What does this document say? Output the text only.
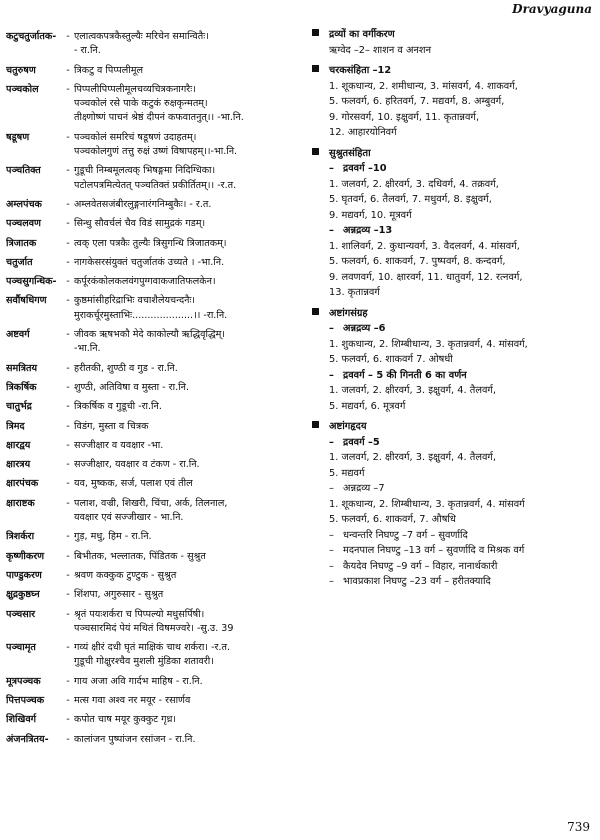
Dravyaguna
कटुचतुर्जातक-	- एलात्वकपत्रकैस्तुल्यैः मरिचेन समान्वितैः।
- रा.नि.
चतुरुषण	- त्रिकटु व पिप्पलीमूल
पञ्चकोल	- पिप्पलीपिप्पलीमूलचव्यचित्रकनागरैः।
पञ्चकोलं रसे पाके कटुकं रुक्षकृन्मतम्।
तीक्ष्णोष्णं पाचनं श्रेष्ठं दीपनं कफवातनुत्।। -भा.नि.
षडूषण	- पञ्चकोलं समरिचं षडूषणं उदाहतम्।
पञ्चकोलगुणं तत्तु रुक्षं उष्णं विषापहम्।।-भा.नि.
पञ्चतिक्त	- गुडूची निम्बमूलत्वक् भिषङ्गमा निदिग्धिका।
पटोलपत्रमित्येतत् पञ्चतिक्तं प्रकीर्तितम्।। -र.त.
अम्लपंचक	- अम्लवेतसजंबीरलुङ्गनारंगनिम्बुकैः। - र.त.
पञ्चलवण	- सिन्धु सौवर्चलं चैव विडं सामुद्रकं गडम्।
त्रिजातक	- त्वक् एला पत्रकैः तुल्यैः त्रिसुगन्धि त्रिजातकम्।
चतुर्जात	- नागकेसरसंयुक्तं चतुर्जातकं उच्यते । -भा.नि.
पञ्चसुगन्धिक-	- कर्पूरकंकोलकलवंगपुग्गवाकजातिफलकेन।
सर्वौषधिगण	- कुष्ठमांसीहरिद्राभिः वचाशैलेयचन्दनैः।
मुराकर्चूरमुस्ताभिः....................।। -रा.नि.
अष्टवर्ग	- जीवक ऋषभकौ मेदे काकोल्यौ ऋद्धिवृद्धिम्।
-भा.नि.
समत्रितय	- हरीतकी, शुण्ठी व गुड - रा.नि.
त्रिकर्षिक	- शुण्ठी, अतिविषा व मुस्ता - रा.नि.
चातुर्भद्र	- त्रिकर्षिक व गुडूची -रा.नि.
त्रिमद	- विडंग, मुस्ता व चित्रक
क्षारद्वय	- सज्जीक्षार व यवक्षार -भा.
क्षारत्रय	- सज्जीक्षार, यवक्षार व टंकण - रा.नि.
क्षारपंचक	- यव, मुष्कक, सर्ज, पलाश एवं तील
क्षाराष्टक	- पलाश, वज्री, शिखरी, चिंचा, अर्क, तिलनाल,
यवक्षार एवं सज्जीखार - भा.नि.
त्रिशर्करा	- गुड़, मधु, हिम - रा.नि.
कृष्णीकरण	- बिभीतक, भल्लातक, पिंडितक - सुश्रुत
पाण्डुकरण	- श्रवण कक्कुक टुण्टुक - सुश्रुत
क्षुद्रकुष्ठघ्न	- शिंशपा, अगुरुसार - सुश्रुत
पञ्चसार	- श्रृतं पयःशर्करा च पिप्पल्यो मधुसर्पिषी।
पञ्चसारमिदं पेयं मथितं विषमज्वरे। -सु.उ. 39
पञ्चामृत	- गव्यं क्षीरं दधी घृतं माक्षिकं चाथ शर्करा। -र.त.
गुडूची गोक्षुरश्चैव मुशली मुंडिका शतावरी।
मूत्रपञ्चक	- गाय अजा अवि गार्दभ माहिष - रा.नि.
पित्तपञ्चक	- मत्स गवा अश्व नर मयूर - रसार्णव
शिखिवर्ग	- कपोत चाष मयूर कुक्कुट गृध्र।
अंजनत्रितय-	- कालांजन पुष्पांजन रसांजन - रा.नि.
द्रव्यों का वर्गीकरण
ऋग्वेद –2– शाशन व अनशन
चरकसंहिता –12
1. शूकधान्य, 2. शमीधान्य, 3. मांसवर्ग, 4. शाकवर्ग,
5. फलवर्ग, 6. हरितवर्ग, 7. मद्यवर्ग, 8. अम्बुवर्ग,
9. गोरसवर्ग, 10. इक्षुवर्ग, 11. कृतान्नवर्ग,
12. आहारयोनिवर्ग
सुश्रुतसंहिता
– द्रववर्ग –10
1. जलवर्ग, 2. क्षीरवर्ग, 3. दधिवर्ग, 4. तक्रवर्ग,
5. घृतवर्ग, 6. तैलवर्ग, 7. मधुवर्ग, 8. इक्षुवर्ग,
9. मद्यवर्ग, 10. मूत्रवर्ग
– अन्नद्रव्य –13
1. शालिवर्ग, 2. कुधान्यवर्ग, 3. वैदलवर्ग, 4. मांसवर्ग,
5. फलवर्ग, 6. शाकवर्ग, 7. पुष्पवर्ग, 8. कन्दवर्ग,
9. लवणवर्ग, 10. क्षारवर्ग, 11. धातुवर्ग, 12. रत्नवर्ग,
13. कृतान्नवर्ग
अष्टांगसंग्रह
– अन्नद्रव्य –6
1. शुकधान्य, 2. शिम्बीधान्य, 3. कृतान्नवर्ग, 4. मांसवर्ग,
5. फलवर्ग, 6. शाकवर्ग 7. ओषधी
– द्रववर्ग – 5 की गिनती 6 का वर्णन
1. जलवर्ग, 2. क्षीरवर्ग, 3. इक्षुवर्ग, 4. तैलवर्ग,
5. मद्यवर्ग, 6. मूत्रवर्ग
अष्टांगहृदय
– द्रववर्ग –5
1. जलवर्ग, 2. क्षीरवर्ग, 3. इक्षुवर्ग, 4. तैलवर्ग,
5. मद्यवर्ग
– अन्नद्रव्य –7
1. शूकधान्य, 2. शिम्बीधान्य, 3. कृतान्नवर्ग, 4. मांसवर्ग
5. फलवर्ग, 6. शाकवर्ग, 7. औषधि
– धन्वन्तरि निघण्टु –7 वर्ग – सुवर्णादि
– मदनपाल निघण्टु –13 वर्ग – सुवर्णादि व मिश्रक वर्ग
– कैयदेव निघण्टु –9 वर्ग – विहार, नानार्थकारी
– भावप्रकाश निघण्टु –23 वर्ग – हरीतक्यादि
739
